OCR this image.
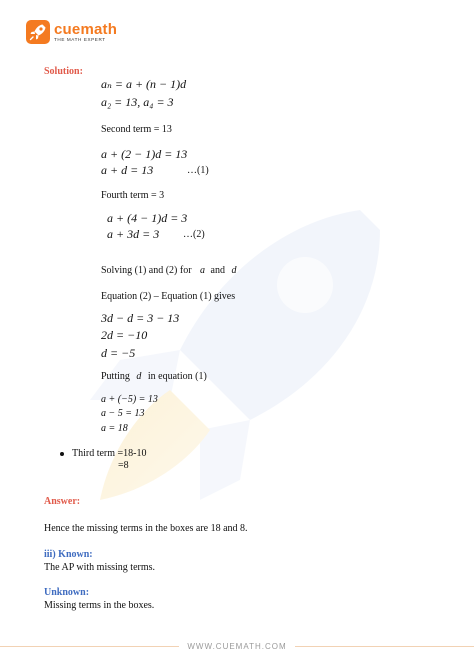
cuemath
THE MATH EXPERT
Solution:
aₙ = a + (n − 1)d
a₂ = 13, a₄ = 3
Second term = 13
a + (2 − 1)d = 13
a + d = 13	…(1)
Fourth term = 3
a + (4 − 1)d = 3
a + 3d = 3 …(2)
Solving (1) and (2) for a and d
Equation (2) – Equation (1) gives
3d − d = 3 − 13
2d = −10
d = −5
Putting d in equation (1)
a + (−5) = 13
a − 5 = 13
a = 18
Third term =18-10
=8
Answer:
Hence the missing terms in the boxes are 18 and 8.
iii) Known:
The AP with missing terms.
Unknown:
Missing terms in the boxes.
WWW.CUEMATH.COM
